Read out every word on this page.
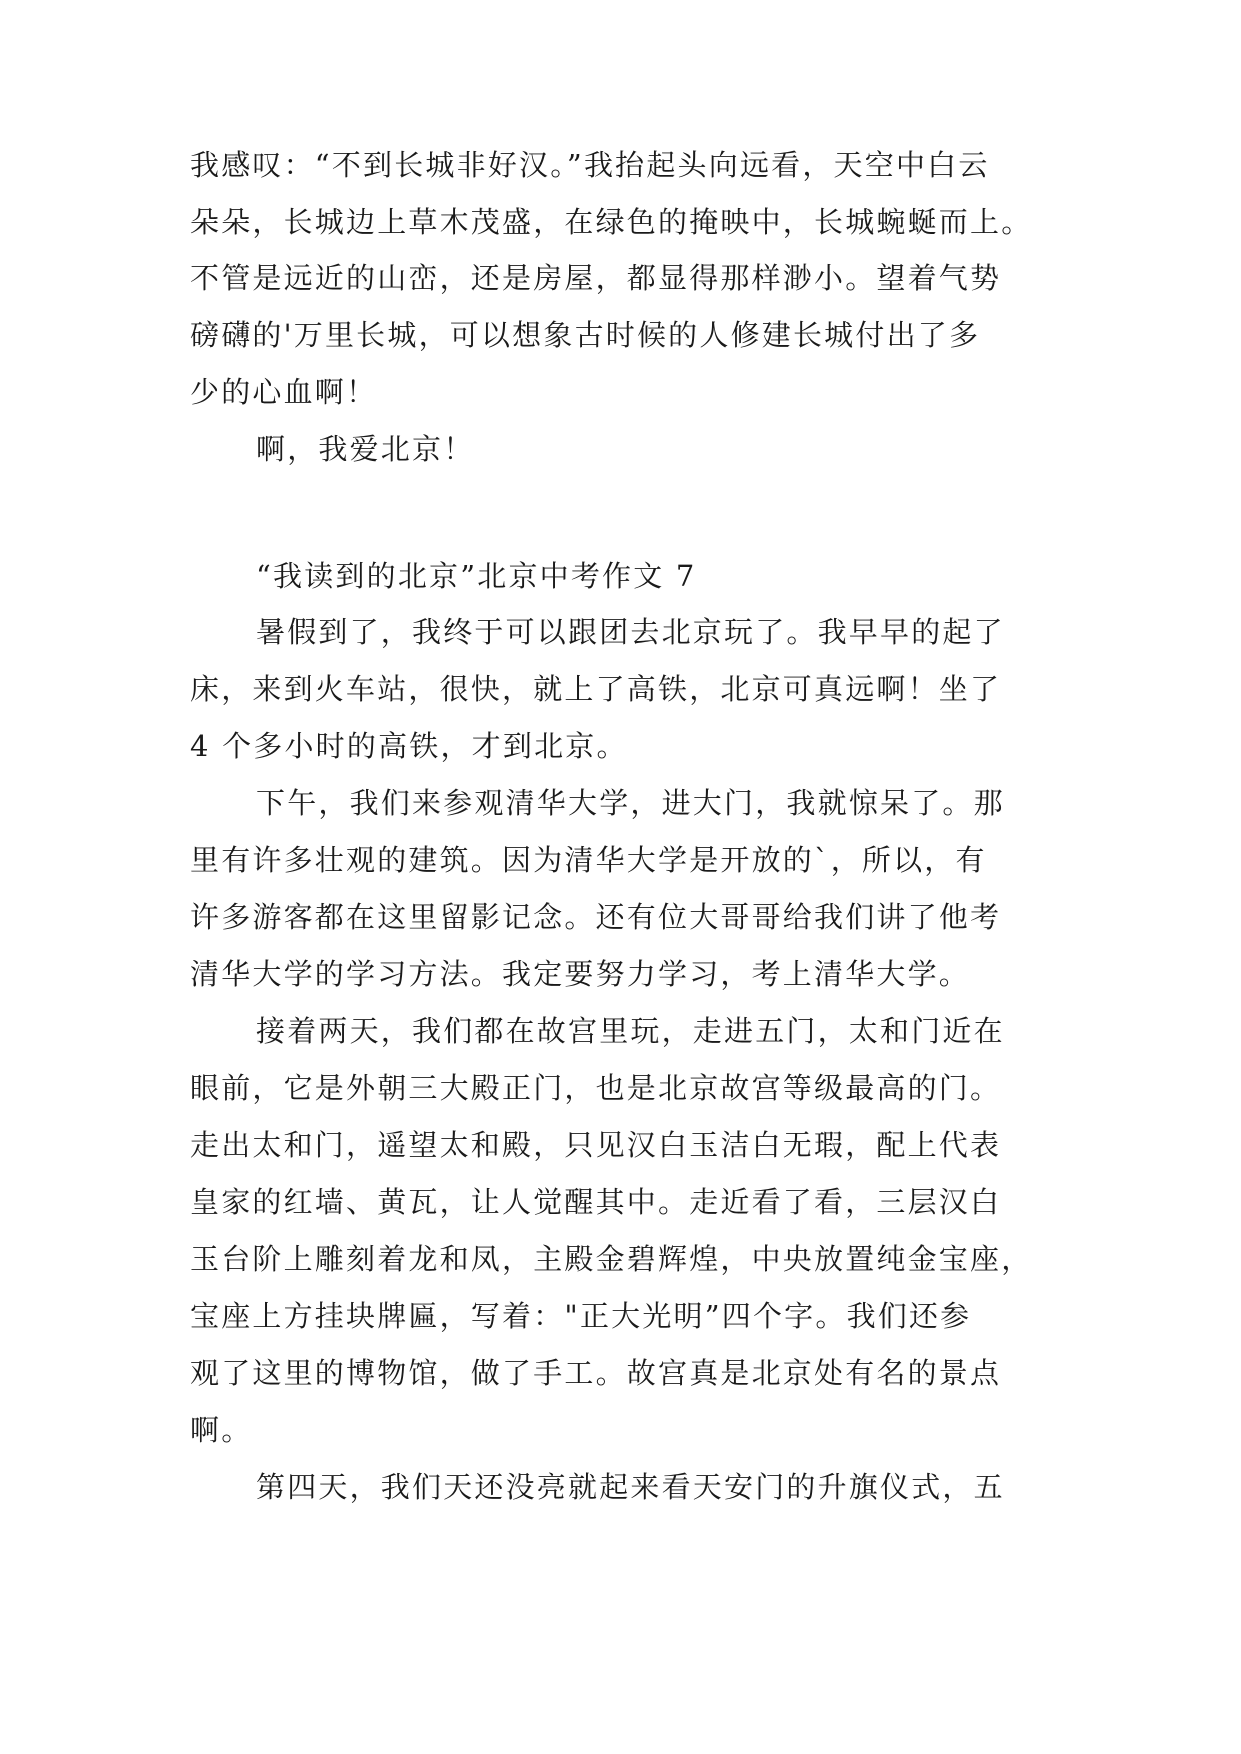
我感叹：“不到长城非好汉。”我抬起头向远看，天空中白云
朵朵，长城边上草木茂盛，在绿色的掩映中，长城蜿蜒而上。
不管是远近的山峦，还是房屋，都显得那样渺小。望着气势
磅礴的'万里长城，可以想象古时候的人修建长城付出了多
少的心血啊！
啊，我爱北京！
“我读到的北京”北京中考作文 7
暑假到了，我终于可以跟团去北京玩了。我早早的起了
床，来到火车站，很快，就上了高铁，北京可真远啊！坐了
4 个多小时的高铁，才到北京。
下午，我们来参观清华大学，进大门，我就惊呆了。那
里有许多壮观的建筑。因为清华大学是开放的`，所以，有
许多游客都在这里留影记念。还有位大哥哥给我们讲了他考
清华大学的学习方法。我定要努力学习，考上清华大学。
接着两天，我们都在故宫里玩，走进五门，太和门近在
眼前，它是外朝三大殿正门，也是北京故宫等级最高的门。
走出太和门，遥望太和殿，只见汉白玉洁白无瑕，配上代表
皇家的红墙、黄瓦，让人觉醒其中。走近看了看，三层汉白
玉台阶上雕刻着龙和凤，主殿金碧辉煌，中央放置纯金宝座，
宝座上方挂块牌匾，写着："正大光明”四个字。我们还参
观了这里的博物馆，做了手工。故宫真是北京处有名的景点
啊。
第四天，我们天还没亮就起来看天安门的升旗仪式，五
